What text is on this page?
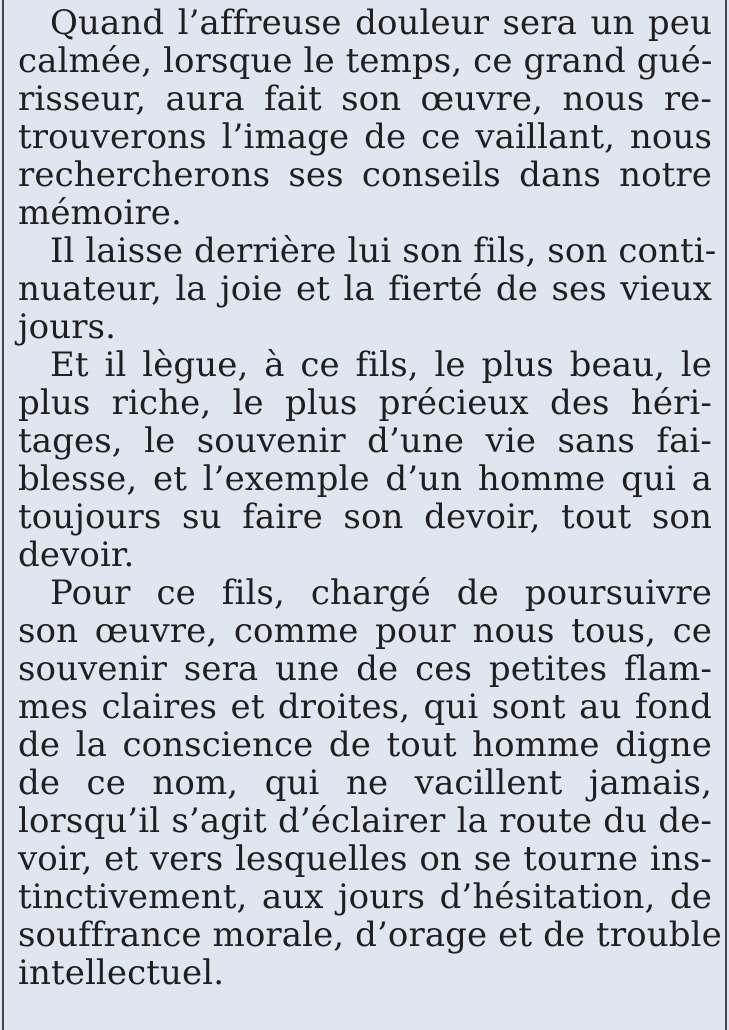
Quand l’affreuse douleur sera un peu
calmée, lorsque le temps, ce grand gué-
risseur, aura fait son œuvre, nous re-
trouverons l’image de ce vaillant, nous
rechercherons ses conseils dans notre
mémoire.
Il laisse derrière lui son fils, son conti-
nuateur, la joie et la fierté de ses vieux
jours.
Et il lègue, à ce fils, le plus beau, le
plus riche, le plus précieux des héri-
tages, le souvenir d’une vie sans fai-
blesse, et l’exemple d’un homme qui a
toujours su faire son devoir, tout son
devoir.
Pour ce fils, chargé de poursuivre
son œuvre, comme pour nous tous, ce
souvenir sera une de ces petites flam-
mes claires et droites, qui sont au fond
de la conscience de tout homme digne
de ce nom, qui ne vacillent jamais,
lorsqu’il s’agit d’éclairer la route du de-
voir, et vers lesquelles on se tourne ins-
tinctivement, aux jours d’hésitation, de
souffrance morale, d’orage et de trouble
intellectuel.
